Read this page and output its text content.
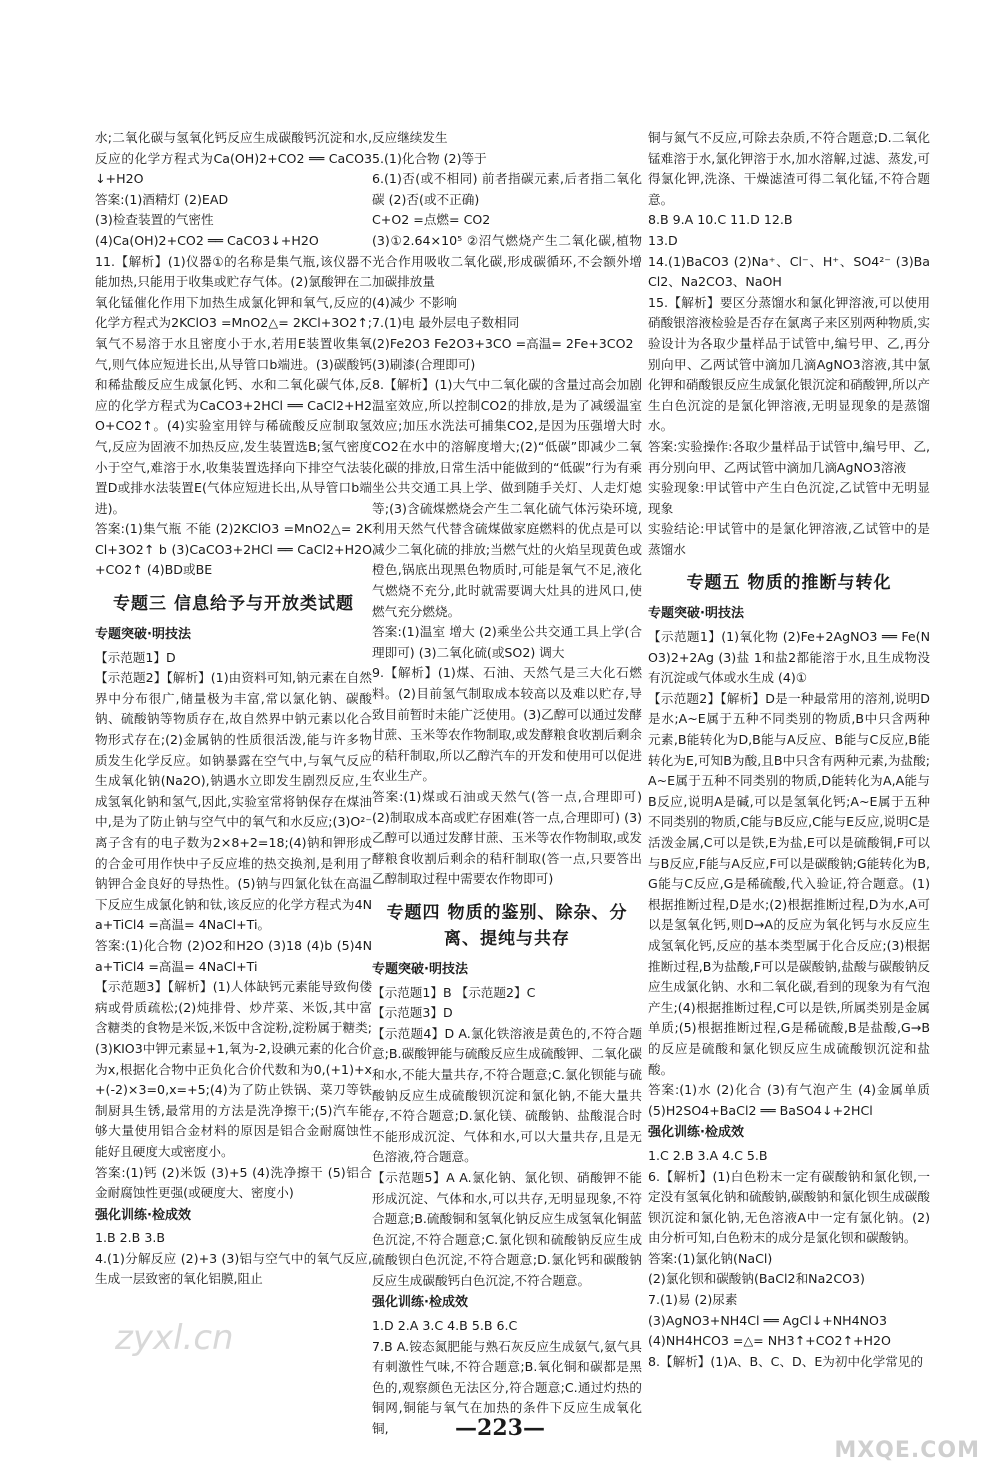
水;二氧化碳与氢氧化钙反应生成碳酸钙沉淀和水,反应的化学方程式为Ca(OH)2+CO2 ══ CaCO3↓+H2O
答案:(1)酒精灯 (2)EAD
(3)检查装置的气密性
(4)Ca(OH)2+CO2 ══ CaCO3↓+H2O
11.【解析】(1)仪器①的名称是集气瓶,该仪器不能加热,只能用于收集或贮存气体。(2)氯酸钾在二氧化锰催化作用下加热生成氯化钾和氧气,反应的化学方程式为2KClO3 =MnO2△= 2KCl+3O2↑;氧气不易溶于水且密度小于水,若用E装置收集氧气,则气体应短进长出,从导管口b端进。(3)碳酸钙和稀盐酸反应生成氯化钙、水和二氧化碳气体,反应的化学方程式为CaCO3+2HCl ══ CaCl2+H2O+CO2↑。(4)实验室用锌与稀硫酸反应制取氢气,反应为固液不加热反应,发生装置选B;氢气密度小于空气,难溶于水,收集装置选择向下排空气法装置D或排水法装置E(气体应短进长出,从导管口b端进)。
答案:(1)集气瓶 不能 (2)2KClO3 =MnO2△= 2KCl+3O2↑ b (3)CaCO3+2HCl ══ CaCl2+H2O+CO2↑ (4)BD或BE
专题三 信息给予与开放类试题
专题突破·明技法
【示范题1】D
【示范题2】【解析】(1)由资料可知,钠元素在自然界中分布很广,储量极为丰富,常以氯化钠、碳酸钠、硫酸钠等物质存在,故自然界中钠元素以化合物形式存在;(2)金属钠的性质很活泼,能与许多物质发生化学反应。如钠暴露在空气中,与氧气反应生成氧化钠(Na2O),钠遇水立即发生剧烈反应,生成氢氧化钠和氢气,因此,实验室常将钠保存在煤油中,是为了防止钠与空气中的氧气和水反应;(3)O²⁻离子含有的电子数为2×8+2=18;(4)钠和钾形成的合金可用作快中子反应堆的热交换剂,是利用了钠钾合金良好的导热性。(5)钠与四氯化钛在高温下反应生成氯化钠和钛,该反应的化学方程式为4Na+TiCl4 =高温= 4NaCl+Ti。
答案:(1)化合物 (2)O2和H2O (3)18 (4)b (5)4Na+TiCl4 =高温= 4NaCl+Ti
【示范题3】【解析】(1)人体缺钙元素能导致佝偻病或骨质疏松;(2)炖排骨、炒芹菜、米饭,其中富含糖类的食物是米饭,米饭中含淀粉,淀粉属于糖类;(3)KIO3中钾元素显+1,氧为-2,设碘元素的化合价为x,根据化合物中正负化合价代数和为0,(+1)+x+(-2)×3=0,x=+5;(4)为了防止铁锅、菜刀等铁制厨具生锈,最常用的方法是洗净擦干;(5)汽车能够大量使用铝合金材料的原因是铝合金耐腐蚀性能好且硬度大或密度小。
答案:(1)钙 (2)米饭 (3)+5 (4)洗净擦干 (5)铝合金耐腐蚀性更强(或硬度大、密度小)
强化训练·检成效
1.B 2.B 3.B
4.(1)分解反应 (2)+3 (3)铝与空气中的氧气反应,生成一层致密的氧化铝膜,阻止
反应继续发生
5.(1)化合物 (2)等于
6.(1)否(或不相同) 前者指碳元素,后者指二氧化碳 (2)否(或不正确)
C+O2 =点燃= CO2
(3)①2.64×10⁵ ②沼气燃烧产生二氧化碳,植物光合作用吸收二氧化碳,形成碳循环,不会额外增加碳排放量
(4)减少 不影响
7.(1)电 最外层电子数相同
(2)Fe2O3 Fe2O3+3CO =高温= 2Fe+3CO2
(3)刷漆(合理即可)
8.【解析】(1)大气中二氧化碳的含量过高会加剧温室效应,所以控制CO2的排放,是为了减缓温室效应;加压水洗法可捕集CO2,是因为压强增大时CO2在水中的溶解度增大;(2)“低碳”即减少二氧化碳的排放,日常生活中能做到的“低碳”行为有乘坐公共交通工具上学、做到随手关灯、人走灯熄等;(3)含硫煤燃烧会产生二氧化硫气体污染环境,利用天然气代替含硫煤做家庭燃料的优点是可以减少二氧化硫的排放;当燃气灶的火焰呈现黄色或橙色,锅底出现黑色物质时,可能是氧气不足,液化气燃烧不充分,此时就需要调大灶具的进风口,使燃气充分燃烧。
答案:(1)温室 增大 (2)乘坐公共交通工具上学(合理即可) (3)二氧化硫(或SO2) 调大
9.【解析】(1)煤、石油、天然气是三大化石燃料。(2)目前氢气制取成本较高以及难以贮存,导致目前暂时未能广泛使用。(3)乙醇可以通过发酵甘蔗、玉米等农作物制取,或发酵粮食收割后剩余的秸秆制取,所以乙醇汽车的开发和使用可以促进农业生产。
答案:(1)煤或石油或天然气(答一点,合理即可) (2)制取成本高或贮存困难(答一点,合理即可) (3)乙醇可以通过发酵甘蔗、玉米等农作物制取,或发酵粮食收割后剩余的秸秆制取(答一点,只要答出乙醇制取过程中需要农作物即可)
专题四 物质的鉴别、除杂、分离、提纯与共存
专题突破·明技法
【示范题1】B 【示范题2】C
【示范题3】D
【示范题4】D A.氯化铁溶液是黄色的,不符合题意;B.碳酸钾能与硫酸反应生成硫酸钾、二氧化碳和水,不能大量共存,不符合题意;C.氯化钡能与硫酸钠反应生成硫酸钡沉淀和氯化钠,不能大量共存,不符合题意;D.氯化镁、硫酸钠、盐酸混合时不能形成沉淀、气体和水,可以大量共存,且是无色溶液,符合题意。
【示范题5】A A.氯化钠、氯化钡、硝酸钾不能形成沉淀、气体和水,可以共存,无明显现象,不符合题意;B.硫酸铜和氢氧化钠反应生成氢氧化铜蓝色沉淀,不符合题意;C.氯化钡和硫酸钠反应生成硫酸钡白色沉淀,不符合题意;D.氯化钙和碳酸钠反应生成碳酸钙白色沉淀,不符合题意。
强化训练·检成效
1.D 2.A 3.C 4.B 5.B 6.C
7.B A.铵态氮肥能与熟石灰反应生成氨气,氨气具有刺激性气味,不符合题意;B.氧化铜和碳都是黑色的,观察颜色无法区分,符合题意;C.通过灼热的铜网,铜能与氧气在加热的条件下反应生成氧化铜,
铜与氮气不反应,可除去杂质,不符合题意;D.二氧化锰难溶于水,氯化钾溶于水,加水溶解,过滤、蒸发,可得氯化钾,洗涤、干燥滤渣可得二氧化锰,不符合题意。
8.B 9.A 10.C 11.D 12.B
13.D
14.(1)BaCO3 (2)Na⁺、Cl⁻、H⁺、SO4²⁻ (3)BaCl2、Na2CO3、NaOH
15.【解析】要区分蒸馏水和氯化钾溶液,可以使用硝酸银溶液检验是否存在氯离子来区别两种物质,实验设计为各取少量样品于试管中,编号甲、乙,再分别向甲、乙两试管中滴加几滴AgNO3溶液,其中氯化钾和硝酸银反应生成氯化银沉淀和硝酸钾,所以产生白色沉淀的是氯化钾溶液,无明显现象的是蒸馏水。
答案:实验操作:各取少量样品于试管中,编号甲、乙,再分别向甲、乙两试管中滴加几滴AgNO3溶液
实验现象:甲试管中产生白色沉淀,乙试管中无明显现象
实验结论:甲试管中的是氯化钾溶液,乙试管中的是蒸馏水
专题五 物质的推断与转化
专题突破·明技法
【示范题1】(1)氧化物 (2)Fe+2AgNO3 ══ Fe(NO3)2+2Ag (3)盐 1和盐2都能溶于水,且生成物没有沉淀或气体或水生成 (4)①
【示范题2】【解析】D是一种最常用的溶剂,说明D是水;A~E属于五种不同类别的物质,B中只含两种元素,B能转化为D,B能与A反应、B能与C反应,B能转化为E,可知B为酸,且B中只含有两种元素,为盐酸;A~E属于五种不同类别的物质,D能转化为A,A能与B反应,说明A是碱,可以是氢氧化钙;A~E属于五种不同类别的物质,C能与B反应,C能与E反应,说明C是活泼金属,C可以是铁,E为盐,E可以是硫酸铜,F可以与B反应,F能与A反应,F可以是碳酸钠;G能转化为B,G能与C反应,G是稀硫酸,代入验证,符合题意。(1)根据推断过程,D是水;(2)根据推断过程,D为水,A可以是氢氧化钙,则D→A的反应为氧化钙与水反应生成氢氧化钙,反应的基本类型属于化合反应;(3)根据推断过程,B为盐酸,F可以是碳酸钠,盐酸与碳酸钠反应生成氯化钠、水和二氧化碳,看到的现象为有气泡产生;(4)根据推断过程,C可以是铁,所属类别是金属单质;(5)根据推断过程,G是稀硫酸,B是盐酸,G→B的反应是硫酸和氯化钡反应生成硫酸钡沉淀和盐酸。
答案:(1)水 (2)化合 (3)有气泡产生 (4)金属单质 (5)H2SO4+BaCl2 ══ BaSO4↓+2HCl
强化训练·检成效
1.C 2.B 3.A 4.C 5.B
6.【解析】(1)白色粉末一定有碳酸钠和氯化钡,一定没有氢氧化钠和硫酸钠,碳酸钠和氯化钡生成碳酸钡沉淀和氯化钠,无色溶液A中一定有氯化钠。(2)由分析可知,白色粉末的成分是氯化钡和碳酸钠。
答案:(1)氯化钠(NaCl)
(2)氯化钡和碳酸钠(BaCl2和Na2CO3)
7.(1)易 (2)尿素
(3)AgNO3+NH4Cl ══ AgCl↓+NH4NO3
(4)NH4HCO3 =△= NH3↑+CO2↑+H2O
8.【解析】(1)A、B、C、D、E为初中化学常见的
—223—
zyxl.cn
MXQE.COM
